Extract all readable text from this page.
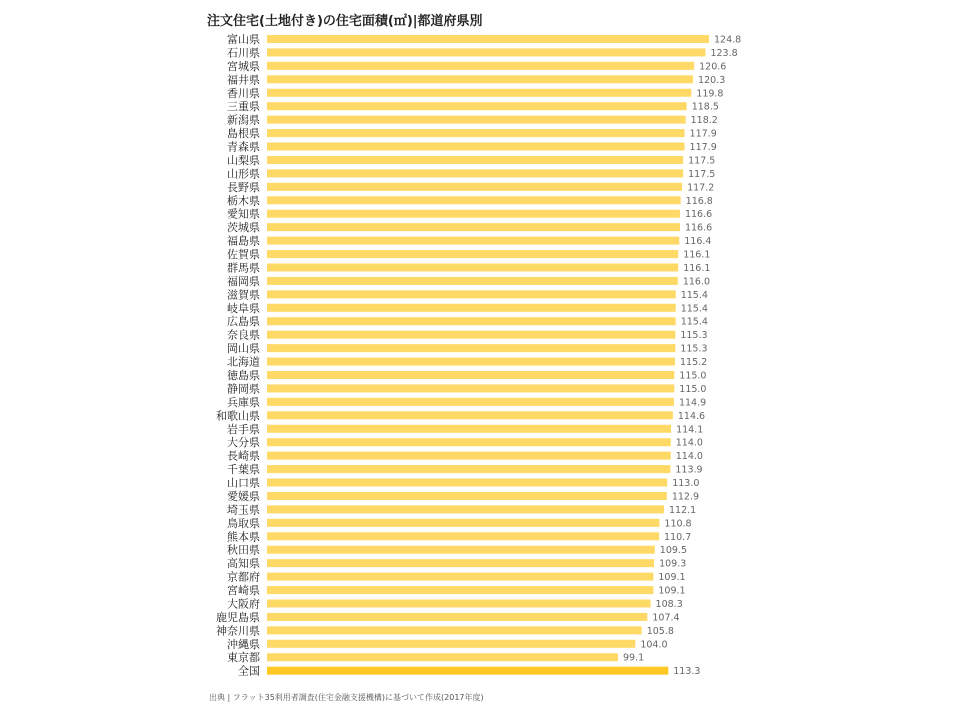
注文住宅(土地付き)の住宅面積(㎡)|都道府県別
富山県	124.8
石川県	123.8
宮城県	120.6
福井県	120.3
香川県	119.8
三重県	118.5
新潟県	118.2
島根県	117.9
青森県	117.9
山梨県	117.5
山形県	117.5
長野県	117.2
栃木県	116.8
愛知県	116.6
茨城県	116.6
福島県	116.4
佐賀県	116.1
群馬県	116.1
福岡県	116.0
滋賀県	115.4
岐阜県	115.4
広島県	115.4
奈良県	115.3
岡山県	115.3
北海道	115.2
徳島県	115.0
静岡県	115.0
兵庫県	114.9
和歌山県	114.6
岩手県	114.1
大分県	114.0
長崎県	114.0
千葉県	113.9
山口県	113.0
愛媛県	112.9
埼玉県	112.1
鳥取県	110.8
熊本県	110.7
秋田県	109.5
高知県	109.3
京都府	109.1
宮崎県	109.1
大阪府	108.3
鹿児島県	107.4
神奈川県	105.8
沖縄県	104.0
東京都	99.1
全国	113.3
出典 | フラット35利用者調査(住宅金融支援機構)に基づいて作成(2017年度)
